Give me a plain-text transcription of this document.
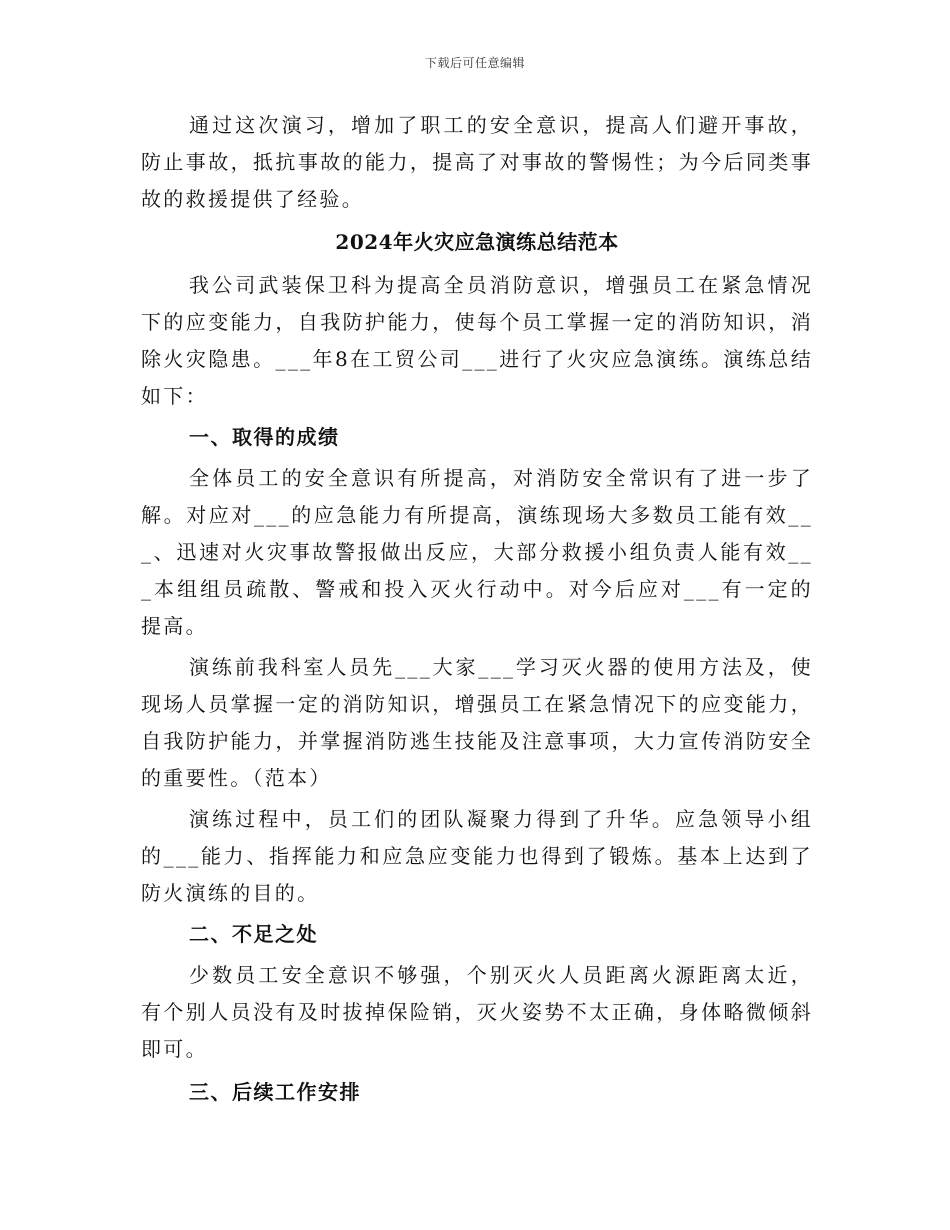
下载后可任意编辑

通过这次演习，增加了职工的安全意识，提高人们避开事故，防止事故，抵抗事故的能力，提高了对事故的警惕性；为今后同类事故的救援提供了经验。

2024年火灾应急演练总结范本

我公司武装保卫科为提高全员消防意识，增强员工在紧急情况下的应变能力，自我防护能力，使每个员工掌握一定的消防知识，消除火灾隐患。___年8在工贸公司___进行了火灾应急演练。演练总结如下：

一、取得的成绩

全体员工的安全意识有所提高，对消防安全常识有了进一步了解。对应对___的应急能力有所提高，演练现场大多数员工能有效___、迅速对火灾事故警报做出反应，大部分救援小组负责人能有效___本组组员疏散、警戒和投入灭火行动中。对今后应对___有一定的提高。

演练前我科室人员先___大家___学习灭火器的使用方法及，使现场人员掌握一定的消防知识，增强员工在紧急情况下的应变能力，自我防护能力，并掌握消防逃生技能及注意事项，大力宣传消防安全的重要性。（范本）

演练过程中，员工们的团队凝聚力得到了升华。应急领导小组的___能力、指挥能力和应急应变能力也得到了锻炼。基本上达到了防火演练的目的。

二、不足之处

少数员工安全意识不够强，个别灭火人员距离火源距离太近，有个别人员没有及时拔掉保险销，灭火姿势不太正确，身体略微倾斜即可。

三、后续工作安排
